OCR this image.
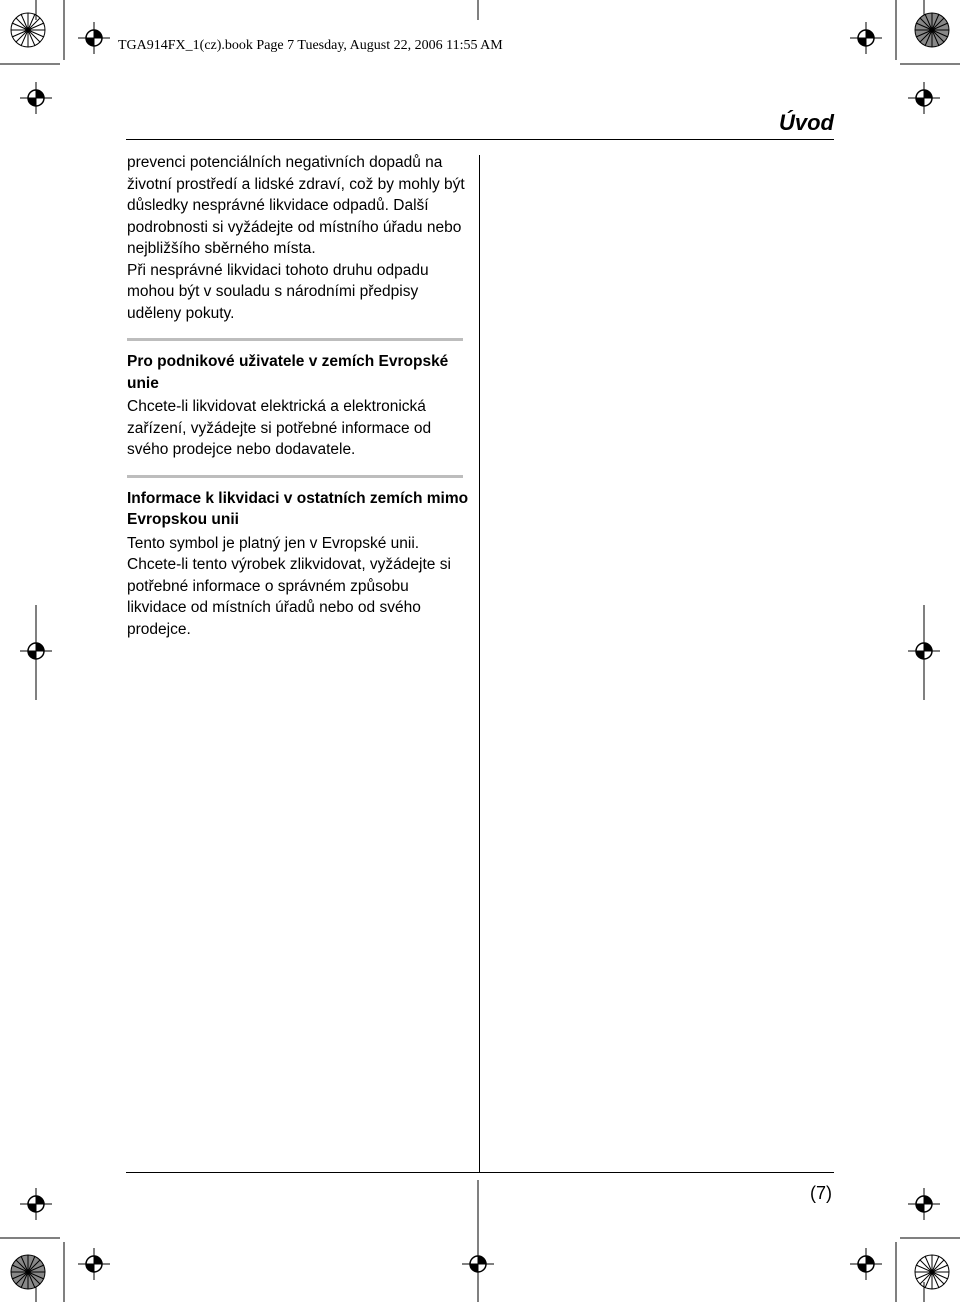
TGA914FX_1(cz).book Page 7 Tuesday, August 22, 2006 11:55 AM
Úvod

prevenci potenciálních negativních dopadů na životní prostředí a lidské zdraví, což by mohly být důsledky nesprávné likvidace odpadů. Další podrobnosti si vyžádejte od místního úřadu nebo nejbližšího sběrného místa.

Při nesprávné likvidaci tohoto druhu odpadu mohou být v souladu s národními předpisy uděleny pokuty.

Pro podnikové uživatele v zemích Evropské unie

Chcete-li likvidovat elektrická a elektronická zařízení, vyžádejte si potřebné informace od svého prodejce nebo dodavatele.

Informace k likvidaci v ostatních zemích mimo Evropskou unii

Tento symbol je platný jen v Evropské unii. Chcete-li tento výrobek zlikvidovat, vyžádejte si potřebné informace o správném způsobu likvidace od místních úřadů nebo od svého prodejce.

(7)
